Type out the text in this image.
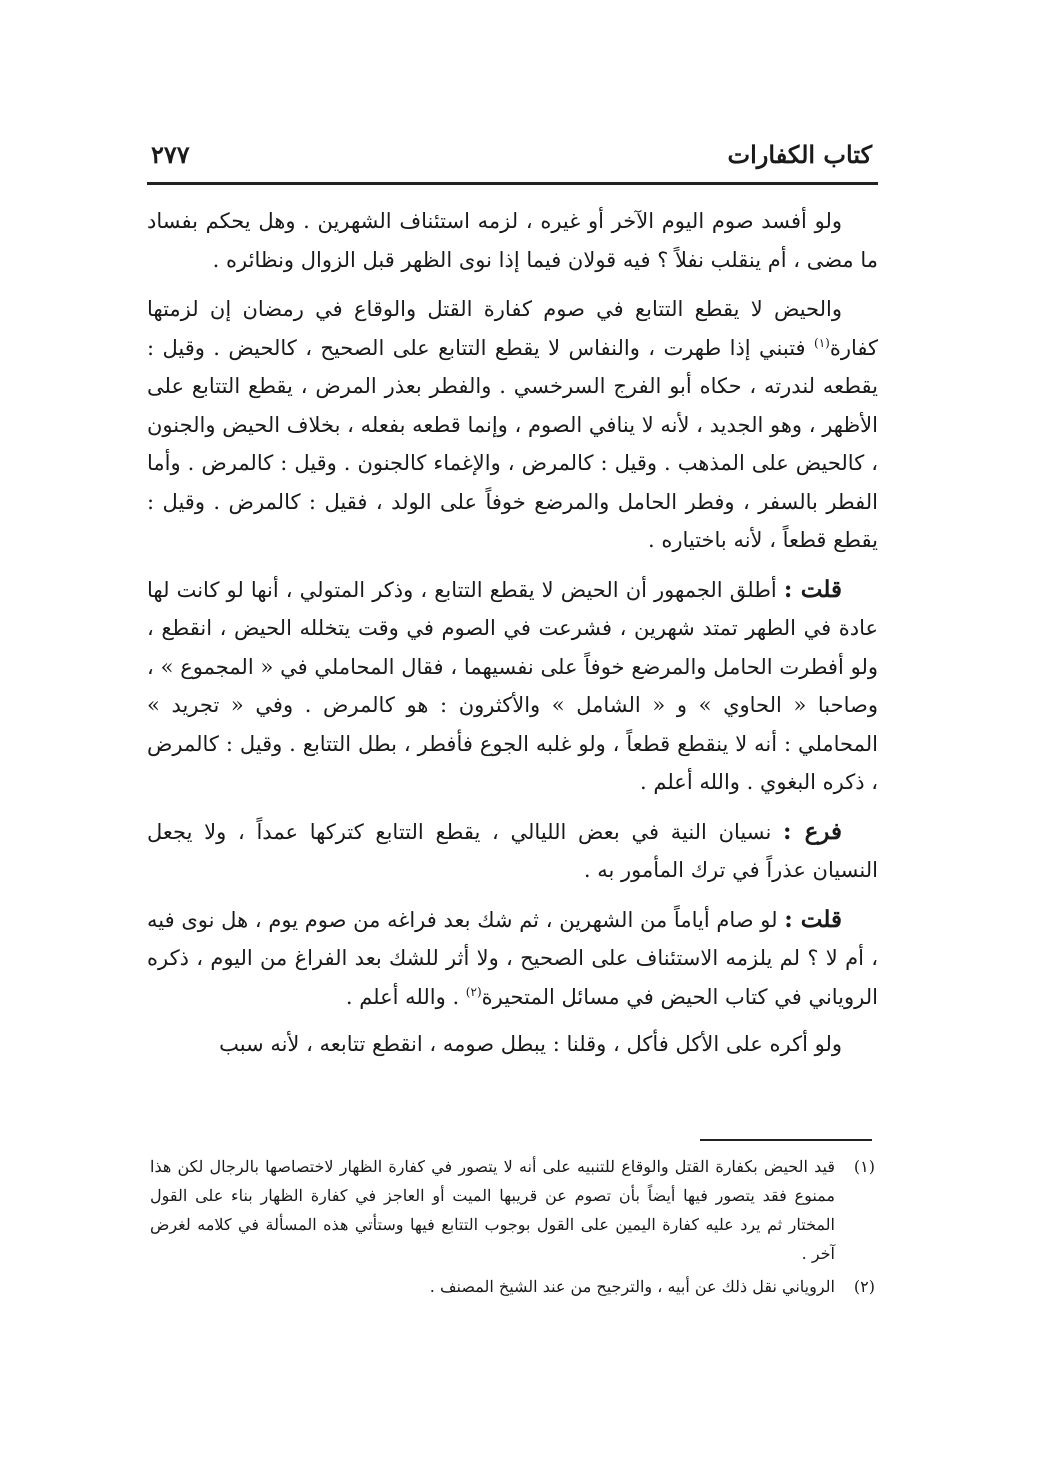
كتاب الكفارات
٢٧٧

ولو أفسد صوم اليوم الآخر أو غيره ، لزمه استئناف الشهرين . وهل يحكم بفساد ما مضى ، أم ينقلب نفلاً ؟ فيه قولان فيما إذا نوى الظهر قبل الزوال ونظائره .

والحيض لا يقطع التتابع في صوم كفارة القتل والوقاع في رمضان إن لزمتها كفارة$^{(١)}$ فتبني إذا طهرت ، والنفاس لا يقطع التتابع على الصحيح ، كالحيض . وقيل : يقطعه لندرته ، حكاه أبو الفرج السرخسي . والفطر بعذر المرض ، يقطع التتابع على الأظهر ، وهو الجديد ، لأنه لا ينافي الصوم ، وإنما قطعه بفعله ، بخلاف الحيض والجنون ، كالحيض على المذهب . وقيل : كالمرض ، والإغماء كالجنون . وقيل : كالمرض . وأما الفطر بالسفر ، وفطر الحامل والمرضع خوفاً على الولد ، فقيل : كالمرض . وقيل : يقطع قطعاً ، لأنه باختياره .

قلت : أطلق الجمهور أن الحيض لا يقطع التتابع ، وذكر المتولي ، أنها لو كانت لها عادة في الطهر تمتد شهرين ، فشرعت في الصوم في وقت يتخلله الحيض ، انقطع ، ولو أفطرت الحامل والمرضع خوفاً على نفسيهما ، فقال المحاملي في « المجموع » ، وصاحبا « الحاوي » و « الشامل » والأكثرون : هو كالمرض . وفي « تجريد » المحاملي : أنه لا ينقطع قطعاً ، ولو غلبه الجوع فأفطر ، بطل التتابع . وقيل : كالمرض ، ذكره البغوي . والله أعلم .

فرع : نسيان النية في بعض الليالي ، يقطع التتابع كتركها عمداً ، ولا يجعل النسيان عذراً في ترك المأمور به .

قلت : لو صام أياماً من الشهرين ، ثم شك بعد فراغه من صوم يوم ، هل نوى فيه ، أم لا ؟ لم يلزمه الاستئناف على الصحيح ، ولا أثر للشك بعد الفراغ من اليوم ، ذكره الروياني في كتاب الحيض في مسائل المتحيرة$^{(٢)}$ . والله أعلم .

ولو أكره على الأكل فأكل ، وقلنا : يبطل صومه ، انقطع تتابعه ، لأنه سبب

(١)
قيد الحيض بكفارة القتل والوقاع للتنبيه على أنه لا يتصور في كفارة الظهار لاختصاصها بالرجال لكن هذا ممنوع فقد يتصور فيها أيضاً بأن تصوم عن قريبها الميت أو العاجز في كفارة الظهار بناء على القول المختار ثم يرد عليه كفارة اليمين على القول بوجوب التتابع فيها وستأتي هذه المسألة في كلامه لغرض آخر .
(٢)
الروياني نقل ذلك عن أبيه ، والترجيح من عند الشيخ المصنف .
